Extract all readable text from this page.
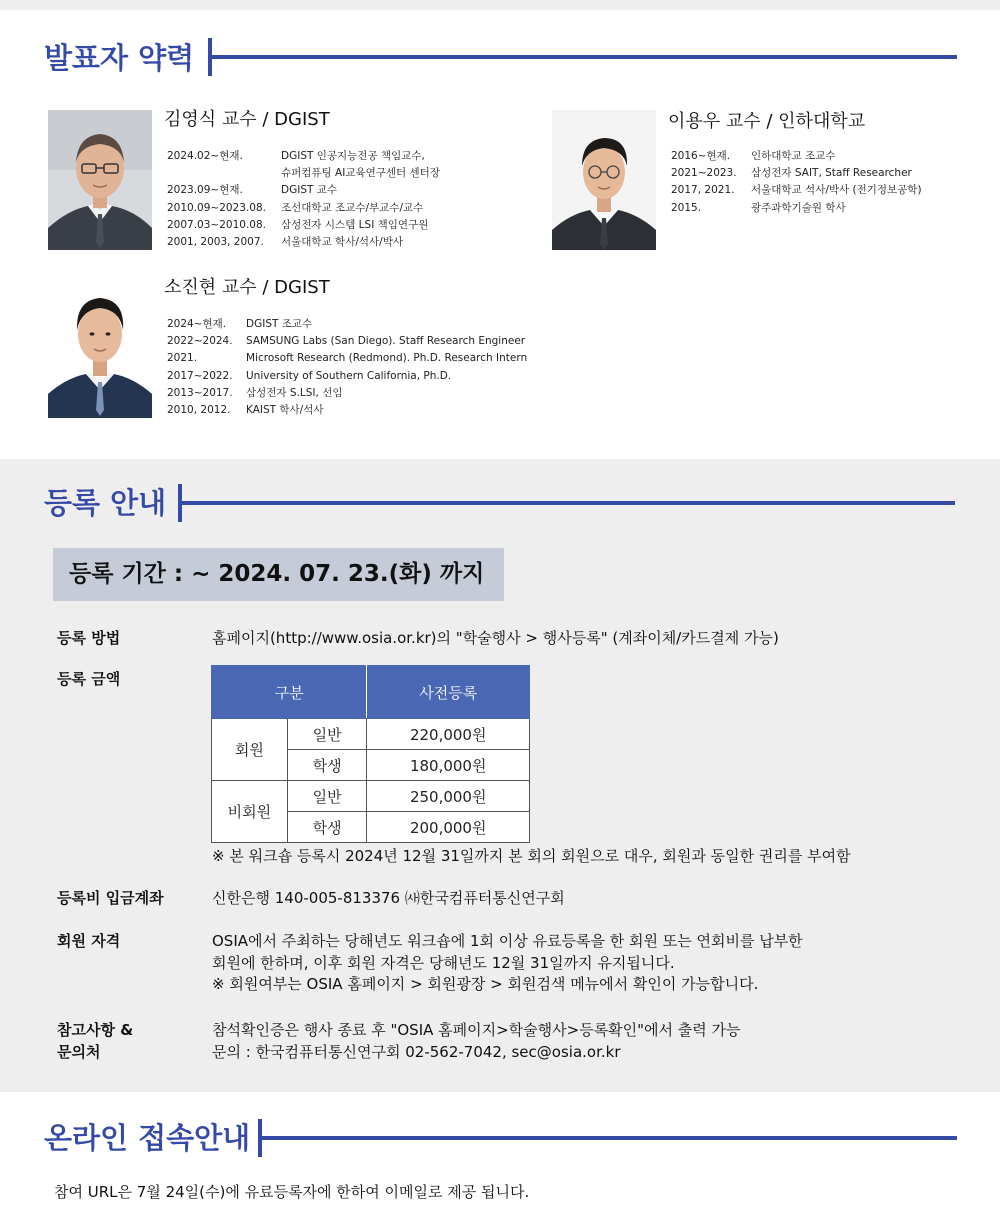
발표자 약력
김영식 교수 / DGIST
2024.02~현재.	DGIST 인공지능전공 책임교수,
슈퍼컴퓨팅 AI교육연구센터 센터장
2023.09~현재.	DGIST 교수
2010.09~2023.08.	조선대학교 조교수/부교수/교수
2007.03~2010.08.	삼성전자 시스템 LSI 책임연구원
2001, 2003, 2007.	서울대학교 학사/석사/박사
이용우 교수 / 인하대학교
2016~현재.	인하대학교 조교수
2021~2023.	삼성전자 SAIT, Staff Researcher
2017, 2021.	서울대학교 석사/박사 (전기정보공학)
2015.	광주과학기술원 학사
소진현 교수 / DGIST
2024~현재.	DGIST 조교수
2022~2024.	SAMSUNG Labs (San Diego). Staff Research Engineer
2021.	Microsoft Research (Redmond). Ph.D. Research Intern
2017~2022.	University of Southern California, Ph.D.
2013~2017.	삼성전자 S.LSI, 선임
2010, 2012.	KAIST 학사/석사
등록 안내
등록 기간 : ~ 2024. 07. 23.(화) 까지
등록 방법	홈페이지(http://www.osia.or.kr)의 "학술행사 > 행사등록" (계좌이체/카드결제 가능)
등록 금액
구분		사전등록
회원	일반	220,000원
	학생	180,000원
비회원	일반	250,000원
	학생	200,000원
※ 본 워크숍 등록시 2024년 12월 31일까지 본 회의 회원으로 대우, 회원과 동일한 권리를 부여함
등록비 입금계좌	신한은행 140-005-813376 ㈔한국컴퓨터통신연구회
회원 자격	OSIA에서 주최하는 당해년도 워크숍에 1회 이상 유료등록을 한 회원 또는 연회비를 납부한
회원에 한하며, 이후 회원 자격은 당해년도 12월 31일까지 유지됩니다.
※ 회원여부는 OSIA 홈페이지 > 회원광장 > 회원검색 메뉴에서 확인이 가능합니다.
참고사항 &
문의처
참석확인증은 행사 종료 후 "OSIA 홈페이지>학술행사>등록확인"에서 출력 가능
문의 : 한국컴퓨터통신연구회 02-562-7042, sec@osia.or.kr
온라인 접속안내
참여 URL은 7월 24일(수)에 유료등록자에 한하여 이메일로 제공 됩니다.
